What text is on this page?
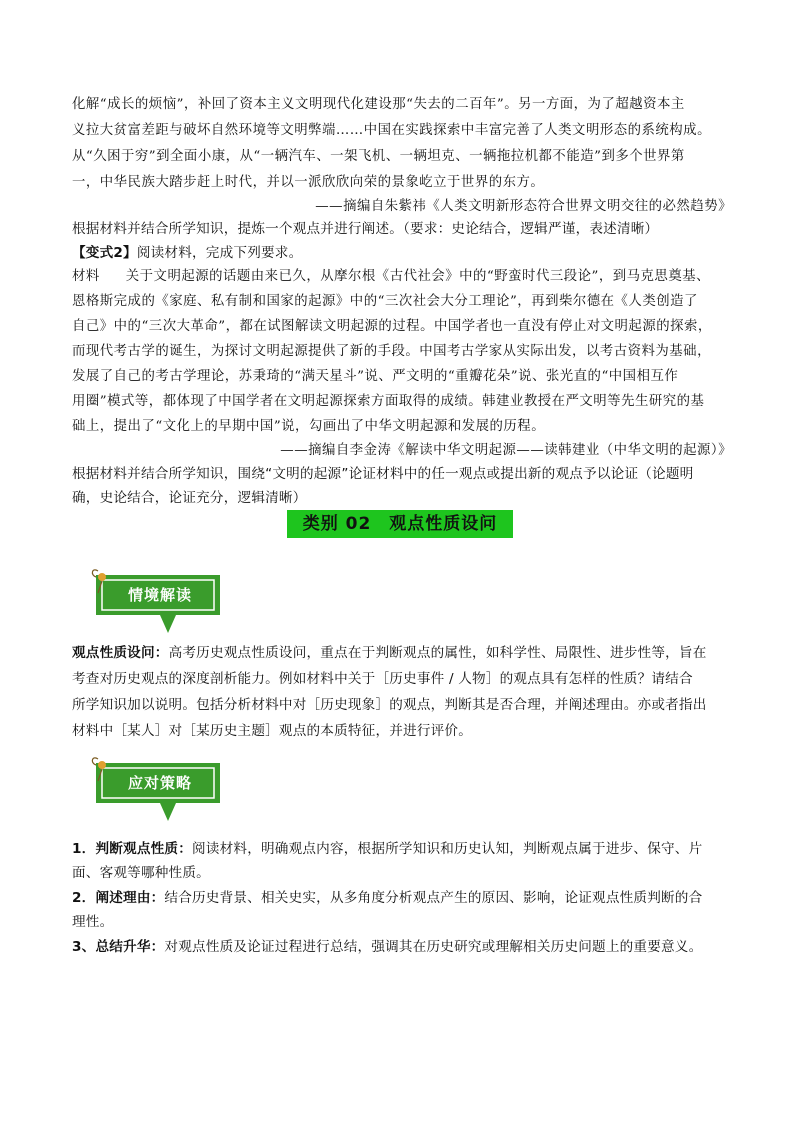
化解“成长的烦恼”，补回了资本主义文明现代化建设那“失去的二百年”。另一方面，为了超越资本主
义拉大贫富差距与破坏自然环境等文明弊端……中国在实践探索中丰富完善了人类文明形态的系统构成。
从“久困于穷”到全面小康，从“一辆汽车、一架飞机、一辆坦克、一辆拖拉机都不能造”到多个世界第
一，中华民族大踏步赶上时代，并以一派欣欣向荣的景象屹立于世界的东方。
——摘编自朱紫祎《人类文明新形态符合世界文明交往的必然趋势》
根据材料并结合所学知识，提炼一个观点并进行阐述。（要求：史论结合，逻辑严谨，表述清晰）
【变式2】阅读材料，完成下列要求。
材料 关于文明起源的话题由来已久，从摩尔根《古代社会》中的“野蛮时代三段论”，到马克思奠基、
恩格斯完成的《家庭、私有制和国家的起源》中的“三次社会大分工理论”，再到柴尔德在《人类创造了
自己》中的“三次大革命”，都在试图解读文明起源的过程。中国学者也一直没有停止对文明起源的探索，
而现代考古学的诞生，为探讨文明起源提供了新的手段。中国考古学家从实际出发，以考古资料为基础，
发展了自己的考古学理论，苏秉琦的“满天星斗”说、严文明的“重瓣花朵”说、张光直的“中国相互作
用圈”模式等，都体现了中国学者在文明起源探索方面取得的成绩。韩建业教授在严文明等先生研究的基
础上，提出了“文化上的早期中国”说，勾画出了中华文明起源和发展的历程。
——摘编自李金涛《解读中华文明起源——读韩建业（中华文明的起源）》
根据材料并结合所学知识，围绕“文明的起源”论证材料中的任一观点或提出新的观点予以论证（论题明
确，史论结合，论证充分，逻辑清晰）
类别 02　观点性质设问
情境解读
观点性质设问：高考历史观点性质设问，重点在于判断观点的属性，如科学性、局限性、进步性等，旨在
考查对历史观点的深度剖析能力。例如材料中关于［历史事件 / 人物］的观点具有怎样的性质？请结合
所学知识加以说明。包括分析材料中对［历史现象］的观点，判断其是否合理，并阐述理由。亦或者指出
材料中［某人］对［某历史主题］观点的本质特征，并进行评价。
应对策略
1．判断观点性质：阅读材料，明确观点内容，根据所学知识和历史认知，判断观点属于进步、保守、片
面、客观等哪种性质。
2．阐述理由：结合历史背景、相关史实，从多角度分析观点产生的原因、影响，论证观点性质判断的合
理性。
3、总结升华：对观点性质及论证过程进行总结，强调其在历史研究或理解相关历史问题上的重要意义。
